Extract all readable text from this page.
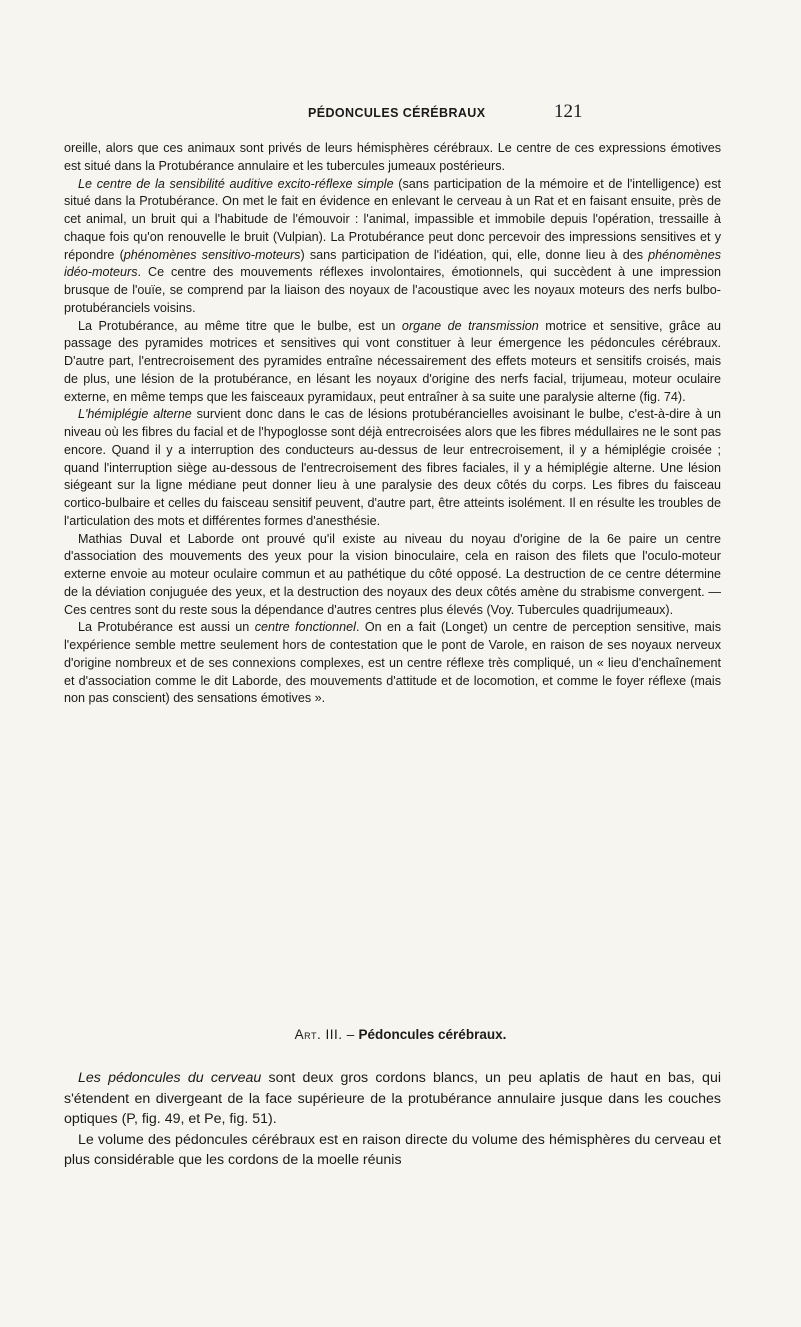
PÉDONCULES CÉRÉBRAUX	121

oreille, alors que ces animaux sont privés de leurs hémisphères cérébraux. Le centre de ces expressions émotives est situé dans la Protubérance annulaire et les tubercules jumeaux postérieurs.

Le centre de la sensibilité auditive excito-réflexe simple (sans participation de la mémoire et de l'intelligence) est situé dans la Protubérance. On met le fait en évidence en enlevant le cerveau à un Rat et en faisant ensuite, près de cet animal, un bruit qui a l'habitude de l'émouvoir : l'animal, impassible et immobile depuis l'opération, tressaille à chaque fois qu'on renouvelle le bruit (Vulpian). La Protubérance peut donc percevoir des impressions sensitives et y répondre (phénomènes sensitivo-moteurs) sans participation de l'idéation, qui, elle, donne lieu à des phénomènes idéo-moteurs. Ce centre des mouvements réflexes involontaires, émotionnels, qui succèdent à une impression brusque de l'ouïe, se comprend par la liaison des noyaux de l'acoustique avec les noyaux moteurs des nerfs bulbo-protubéranciels voisins.

La Protubérance, au même titre que le bulbe, est un organe de transmission motrice et sensitive, grâce au passage des pyramides motrices et sensitives qui vont constituer à leur émergence les pédoncules cérébraux. D'autre part, l'entrecroisement des pyramides entraîne nécessairement des effets moteurs et sensitifs croisés, mais de plus, une lésion de la protubérance, en lésant les noyaux d'origine des nerfs facial, trijumeau, moteur oculaire externe, en même temps que les faisceaux pyramidaux, peut entraîner à sa suite une paralysie alterne (fig. 74).

L'hémiplégie alterne survient donc dans le cas de lésions protubérancielles avoisinant le bulbe, c'est-à-dire à un niveau où les fibres du facial et de l'hypoglosse sont déjà entrecroisées alors que les fibres médullaires ne le sont pas encore. Quand il y a interruption des conducteurs au-dessus de leur entrecroisement, il y a hémiplégie croisée ; quand l'interruption siège au-dessous de l'entrecroisement des fibres faciales, il y a hémiplégie alterne. Une lésion siégeant sur la ligne médiane peut donner lieu à une paralysie des deux côtés du corps. Les fibres du faisceau cortico-bulbaire et celles du faisceau sensitif peuvent, d'autre part, être atteints isolément. Il en résulte les troubles de l'articulation des mots et différentes formes d'anesthésie.

Mathias Duval et Laborde ont prouvé qu'il existe au niveau du noyau d'origine de la 6e paire un centre d'association des mouvements des yeux pour la vision binoculaire, cela en raison des filets que l'oculo-moteur externe envoie au moteur oculaire commun et au pathétique du côté opposé. La destruction de ce centre détermine de la déviation conjuguée des yeux, et la destruction des noyaux des deux côtés amène du strabisme convergent. — Ces centres sont du reste sous la dépendance d'autres centres plus élevés (Voy. Tubercules quadrijumeaux).

La Protubérance est aussi un centre fonctionnel. On en a fait (Longet) un centre de perception sensitive, mais l'expérience semble mettre seulement hors de contestation que le pont de Varole, en raison de ses noyaux nerveux d'origine nombreux et de ses connexions complexes, est un centre réflexe très compliqué, un « lieu d'enchaînement et d'association comme le dit Laborde, des mouvements d'attitude et de locomotion, et comme le foyer réflexe (mais non pas conscient) des sensations émotives ».

Art. III. – Pédoncules cérébraux.

Les pédoncules du cerveau sont deux gros cordons blancs, un peu aplatis de haut en bas, qui s'étendent en divergeant de la face supérieure de la protubérance annulaire jusque dans les couches optiques (P, fig. 49, et Pe, fig. 51).

Le volume des pédoncules cérébraux est en raison directe du volume des hémisphères du cerveau et plus considérable que les cordons de la moelle réunis
